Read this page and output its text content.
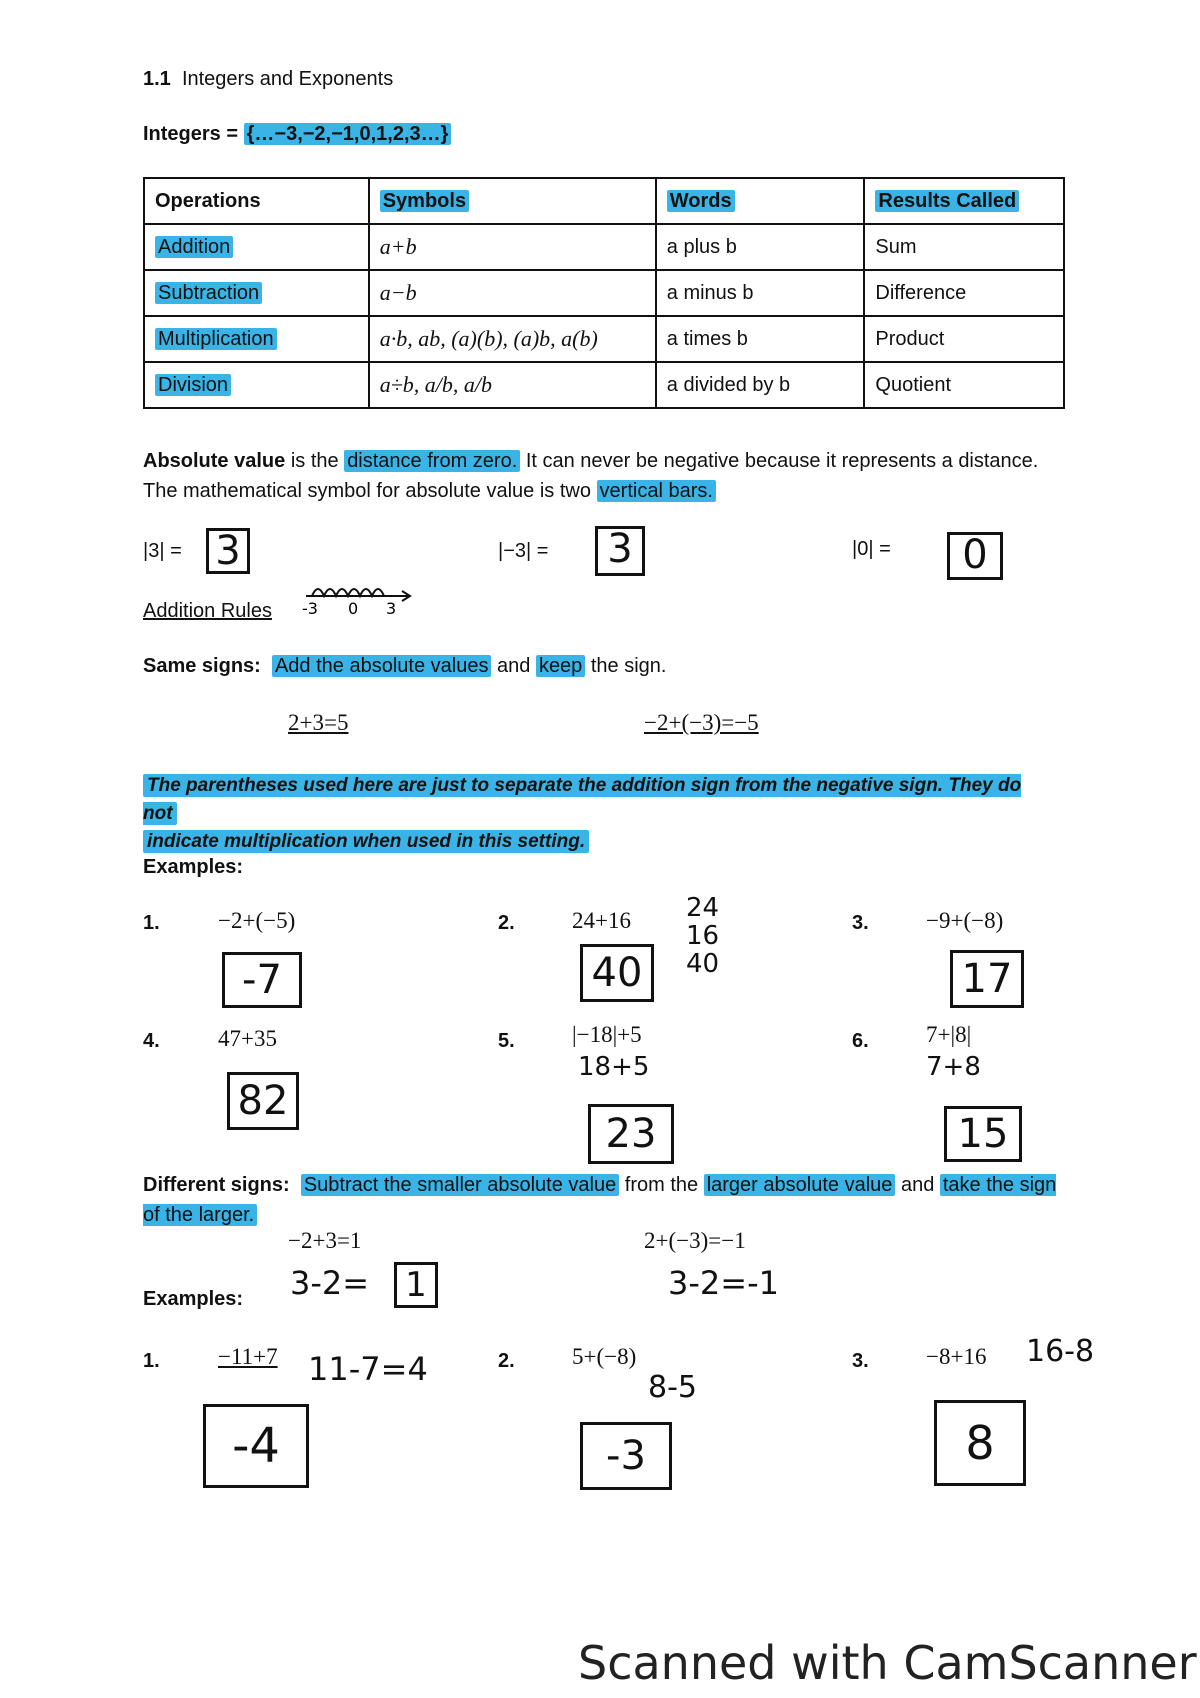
1.1 Integers and Exponents
Integers = {…−3,−2,−1,0,1,2,3…}
Operations	Symbols	Words	Results Called
Addition	a+b	a plus b	Sum
Subtraction	a−b	a minus b	Difference
Multiplication	a·b, ab, (a)(b), (a)b, a(b)	a times b	Product
Division	a÷b, a/b, a/b	a divided by b	Quotient
Absolute value is the distance from zero. It can never be negative because it represents a distance. The mathematical symbol for absolute value is two vertical bars.
|3| = 3	|−3| =	3	|0| =	0
Addition Rules -3 0 3
Same signs: Add the absolute values and keep the sign.
2+3=5	−2+(−3)=−5
The parentheses used here are just to separate the addition sign from the negative sign. They do not
indicate multiplication when used in this setting.
Examples:
1.	−2+(−5)
-7
2. 24+16
40
24
16
40
3. −9+(−8)
17
4.	47+35
82
5. |−18|+5
18+5
23
6. 7+|8|
7+8
15
Different signs: Subtract the smaller absolute value from the larger absolute value and take the sign of the larger.
−2+3=1
3-2=	1
2+(−3)=−1
3-2=-1
Examples:
1.	−11+7 11-7=4
-4
2. 5+(−8)
8-5
-3
3. −8+16 16-8
8
Scanned with CamScanner
